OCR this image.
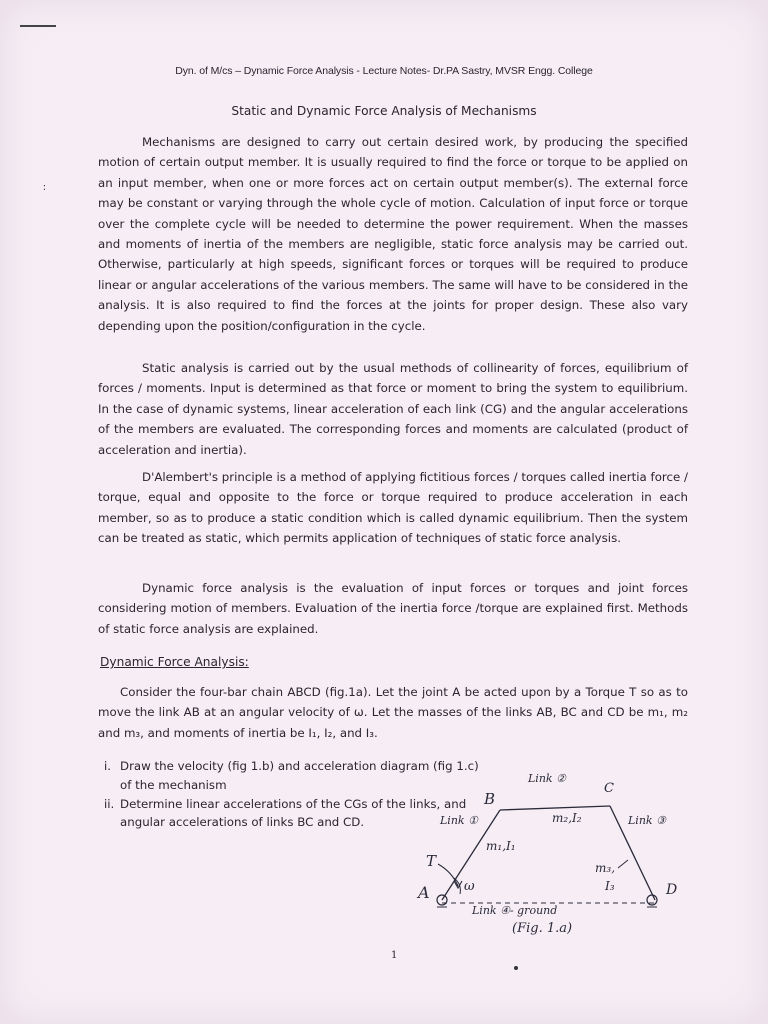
∶
Dyn. of M/cs – Dynamic Force Analysis - Lecture Notes- Dr.PA Sastry, MVSR Engg. College
Static and Dynamic Force Analysis of Mechanisms

Mechanisms are designed to carry out certain desired work, by producing the specified motion of certain output member. It is usually required to find the force or torque to be applied on an input member, when one or more forces act on certain output member(s). The external force may be constant or varying through the whole cycle of motion. Calculation of input force or torque over the complete cycle will be needed to determine the power requirement. When the masses and moments of inertia of the members are negligible, static force analysis may be carried out. Otherwise, particularly at high speeds, significant forces or torques will be required to produce linear or angular accelerations of the various members. The same will have to be considered in the analysis. It is also required to find the forces at the joints for proper design. These also vary depending upon the position/configuration in the cycle.

Static analysis is carried out by the usual methods of collinearity of forces, equilibrium of forces / moments. Input is determined as that force or moment to bring the system to equilibrium. In the case of dynamic systems, linear acceleration of each link (CG) and the angular accelerations of the members are evaluated. The corresponding forces and moments are calculated (product of acceleration and inertia).

D'Alembert's principle is a method of applying fictitious forces / torques called inertia force / torque, equal and opposite to the force or torque required to produce acceleration in each member, so as to produce a static condition which is called dynamic equilibrium. Then the system can be treated as static, which permits application of techniques of static force analysis.

Dynamic force analysis is the evaluation of input forces or torques and joint forces considering motion of members. Evaluation of the inertia force /torque are explained first. Methods of static force analysis are explained.

Dynamic Force Analysis:

Consider the four-bar chain ABCD (fig.1a). Let the joint A be acted upon by a Torque T so as to move the link AB at an angular velocity of ω. Let the masses of the links AB, BC and CD be m₁, m₂ and m₃, and moments of inertia be I₁, I₂, and I₃.

i. Draw the velocity (fig 1.b) and acceleration diagram (fig 1.c) of the mechanism
ii. Determine linear accelerations of the CGs of the links, and angular accelerations of links BC and CD.
A
B
C
D
T
ω
Link ①
m₁,I₁
Link ②
m₂,I₂	Link ③
m₃,
I₃
Link ④- ground
(Fig. 1.a)
1
